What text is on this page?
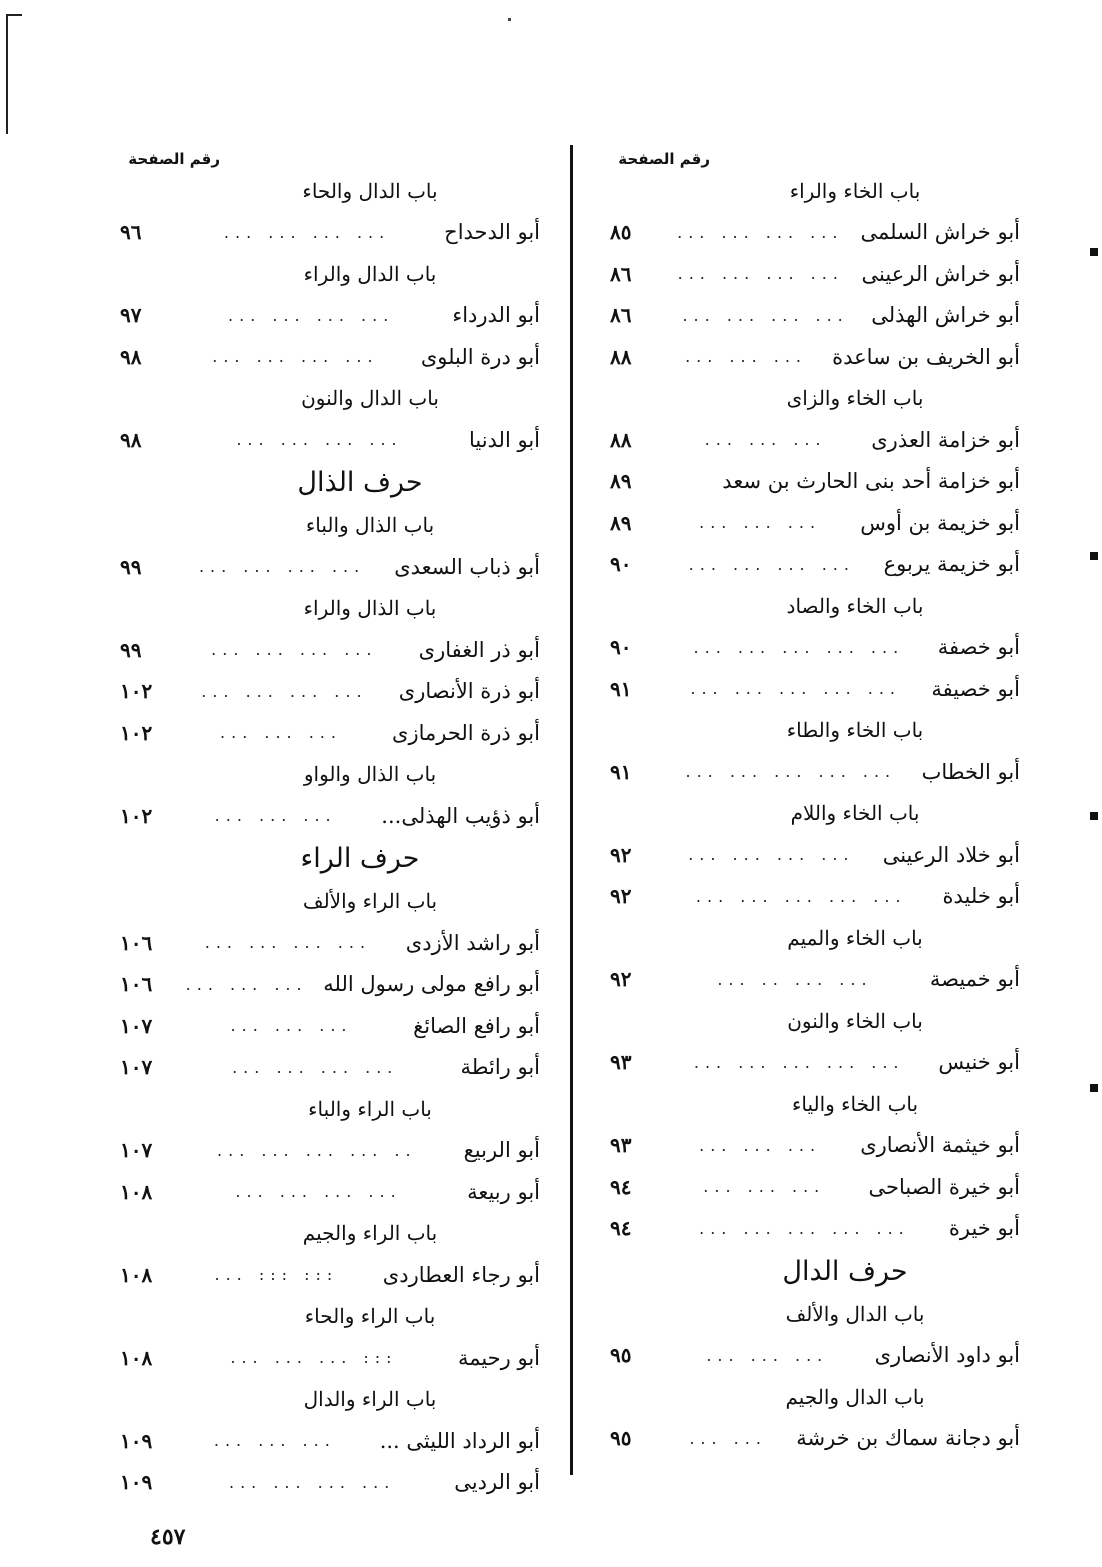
رقم الصفحة
باب الخاء والراء
أبو خراش السلمى
... ... ... ...
٨٥
أبو خراش الرعينى
... ... ... ...
٨٦
أبو خراش الهذلى
... ... ... ...
٨٦
أبو الخريف بن ساعدة
... ... ...
٨٨
باب الخاء والزاى
أبو خزامة العذرى
... ... ...
٨٨
أبو خزامة أحد بنى الحارث بن سعد
٨٩
أبو خزيمة بن أوس
... ... ...
٨٩
أبو خزيمة يربوع
... ... ... ...
٩٠
باب الخاء والصاد
أبو خصفة
... ... ... ... ...
٩٠
أبو خصيفة
... ... ... ... ...
٩١
باب الخاء والطاء
أبو الخطاب
... ... ... ... ...
٩١
باب الخاء واللام
أبو خلاد الرعينى
... ... ... ...
٩٢
أبو خليدة
... ... ... ... ...
٩٢
باب الخاء والميم
أبو خميصة
... ... .. ...
٩٢
باب الخاء والنون
أبو خنيس
... ... ... ... ...
٩٣
باب الخاء والياء
أبو خيثمة الأنصارى
... ... ...
٩٣
أبو خيرة الصباحى
... ... ...
٩٤
أبو خيرة
... ... ... ... ...
٩٤
حرف الدال
باب الدال والألف
أبو داود الأنصارى
... ... ...
٩٥
باب الدال والجيم
أبو دجانة سماك بن خرشة
... ...
٩٥
رقم الصفحة
باب الدال والحاء
أبو الدحداح
... ... ... ...
٩٦
باب الدال والراء
أبو الدرداء
... ... ... ...
٩٧
أبو درة البلوى
... ... ... ...
٩٨
باب الدال والنون
أبو الدنيا
... ... ... ...
٩٨
حرف الذال
باب الذال والباء
أبو ذباب السعدى
... ... ... ...
٩٩
باب الذال والراء
أبو ذر الغفارى
... ... ... ...
٩٩
أبو ذرة الأنصارى
... ... ... ...
١٠٢
أبو ذرة الحرمازى
... ... ...
١٠٢
باب الذال والواو
أبو ذؤيب الهذلى...
... ... ...
١٠٢
حرف الراء
باب الراء والألف
أبو راشد الأزدى
... ... ... ...
١٠٦
أبو رافع مولى رسول الله
... ... ...
١٠٦
أبو رافع الصائغ
... ... ...
١٠٧
أبو رائطة
... ... ... ...
١٠٧
باب الراء والباء
أبو الربيع
.. ... ... ... ...
١٠٧
أبو ربيعة
... ... ... ...
١٠٨
باب الراء والجيم
أبو رجاء العطاردى
::: ::: ...
١٠٨
باب الراء والحاء
أبو رحيمة
::: ... ... ...
١٠٨
باب الراء والدال
أبو الرداد الليثى ...
... ... ...
١٠٩
أبو الرديى
... ... ... ...
١٠٩
٤٥٧
